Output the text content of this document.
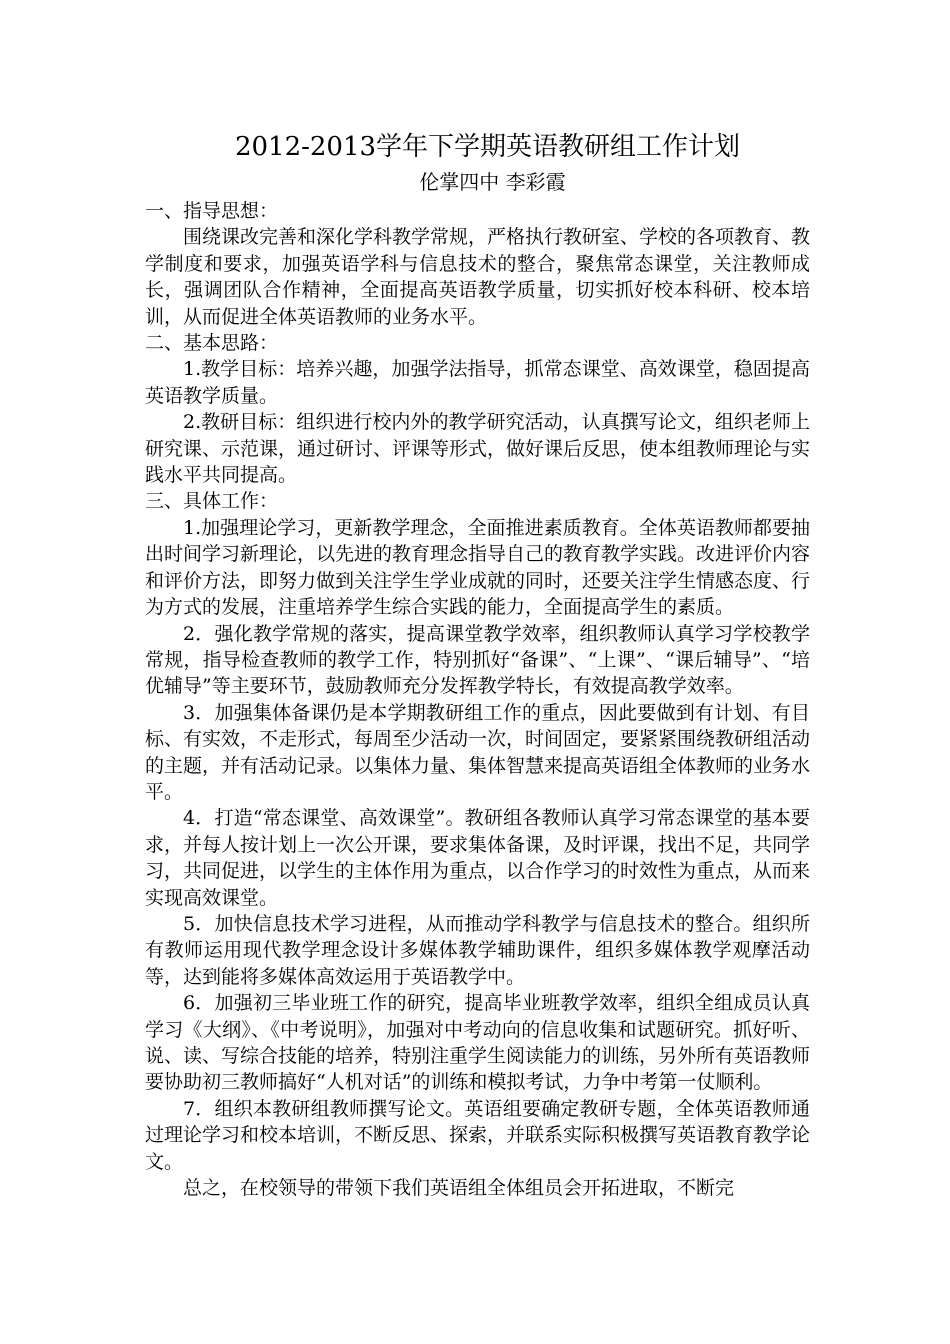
2012-2013学年下学期英语教研组工作计划

伦掌四中 李彩霞

一、指导思想：

围绕课改完善和深化学科教学常规，严格执行教研室、学校的各项教育、教学制度和要求，加强英语学科与信息技术的整合，聚焦常态课堂，关注教师成长，强调团队合作精神，全面提高英语教学质量，切实抓好校本科研、校本培训，从而促进全体英语教师的业务水平。

二、基本思路：

1.教学目标：培养兴趣，加强学法指导，抓常态课堂、高效课堂，稳固提高英语教学质量。

2.教研目标：组织进行校内外的教学研究活动，认真撰写论文，组织老师上研究课、示范课，通过研讨、评课等形式，做好课后反思，使本组教师理论与实践水平共同提高。

三、具体工作：

1.加强理论学习，更新教学理念，全面推进素质教育。全体英语教师都要抽出时间学习新理论，以先进的教育理念指导自己的教育教学实践。改进评价内容和评价方法，即努力做到关注学生学业成就的同时，还要关注学生情感态度、行为方式的发展，注重培养学生综合实践的能力，全面提高学生的素质。

2．强化教学常规的落实，提高课堂教学效率，组织教师认真学习学校教学常规，指导检查教师的教学工作，特别抓好“备课”、“上课”、“课后辅导”、“培优辅导”等主要环节，鼓励教师充分发挥教学特长，有效提高教学效率。

3．加强集体备课仍是本学期教研组工作的重点，因此要做到有计划、有目标、有实效，不走形式，每周至少活动一次，时间固定，要紧紧围绕教研组活动的主题，并有活动记录。以集体力量、集体智慧来提高英语组全体教师的业务水平。

4．打造“常态课堂、高效课堂”。教研组各教师认真学习常态课堂的基本要求，并每人按计划上一次公开课，要求集体备课，及时评课，找出不足，共同学习，共同促进，以学生的主体作用为重点，以合作学习的时效性为重点，从而来实现高效课堂。

5．加快信息技术学习进程，从而推动学科教学与信息技术的整合。组织所有教师运用现代教学理念设计多媒体教学辅助课件，组织多媒体教学观摩活动等，达到能将多媒体高效运用于英语教学中。

6．加强初三毕业班工作的研究，提高毕业班教学效率，组织全组成员认真学习《大纲》、《中考说明》，加强对中考动向的信息收集和试题研究。抓好听、说、读、写综合技能的培养，特别注重学生阅读能力的训练，另外所有英语教师要协助初三教师搞好“人机对话”的训练和模拟考试，力争中考第一仗顺利。

7．组织本教研组教师撰写论文。英语组要确定教研专题，全体英语教师通过理论学习和校本培训，不断反思、探索，并联系实际积极撰写英语教育教学论文。

总之，在校领导的带领下我们英语组全体组员会开拓进取，不断完
